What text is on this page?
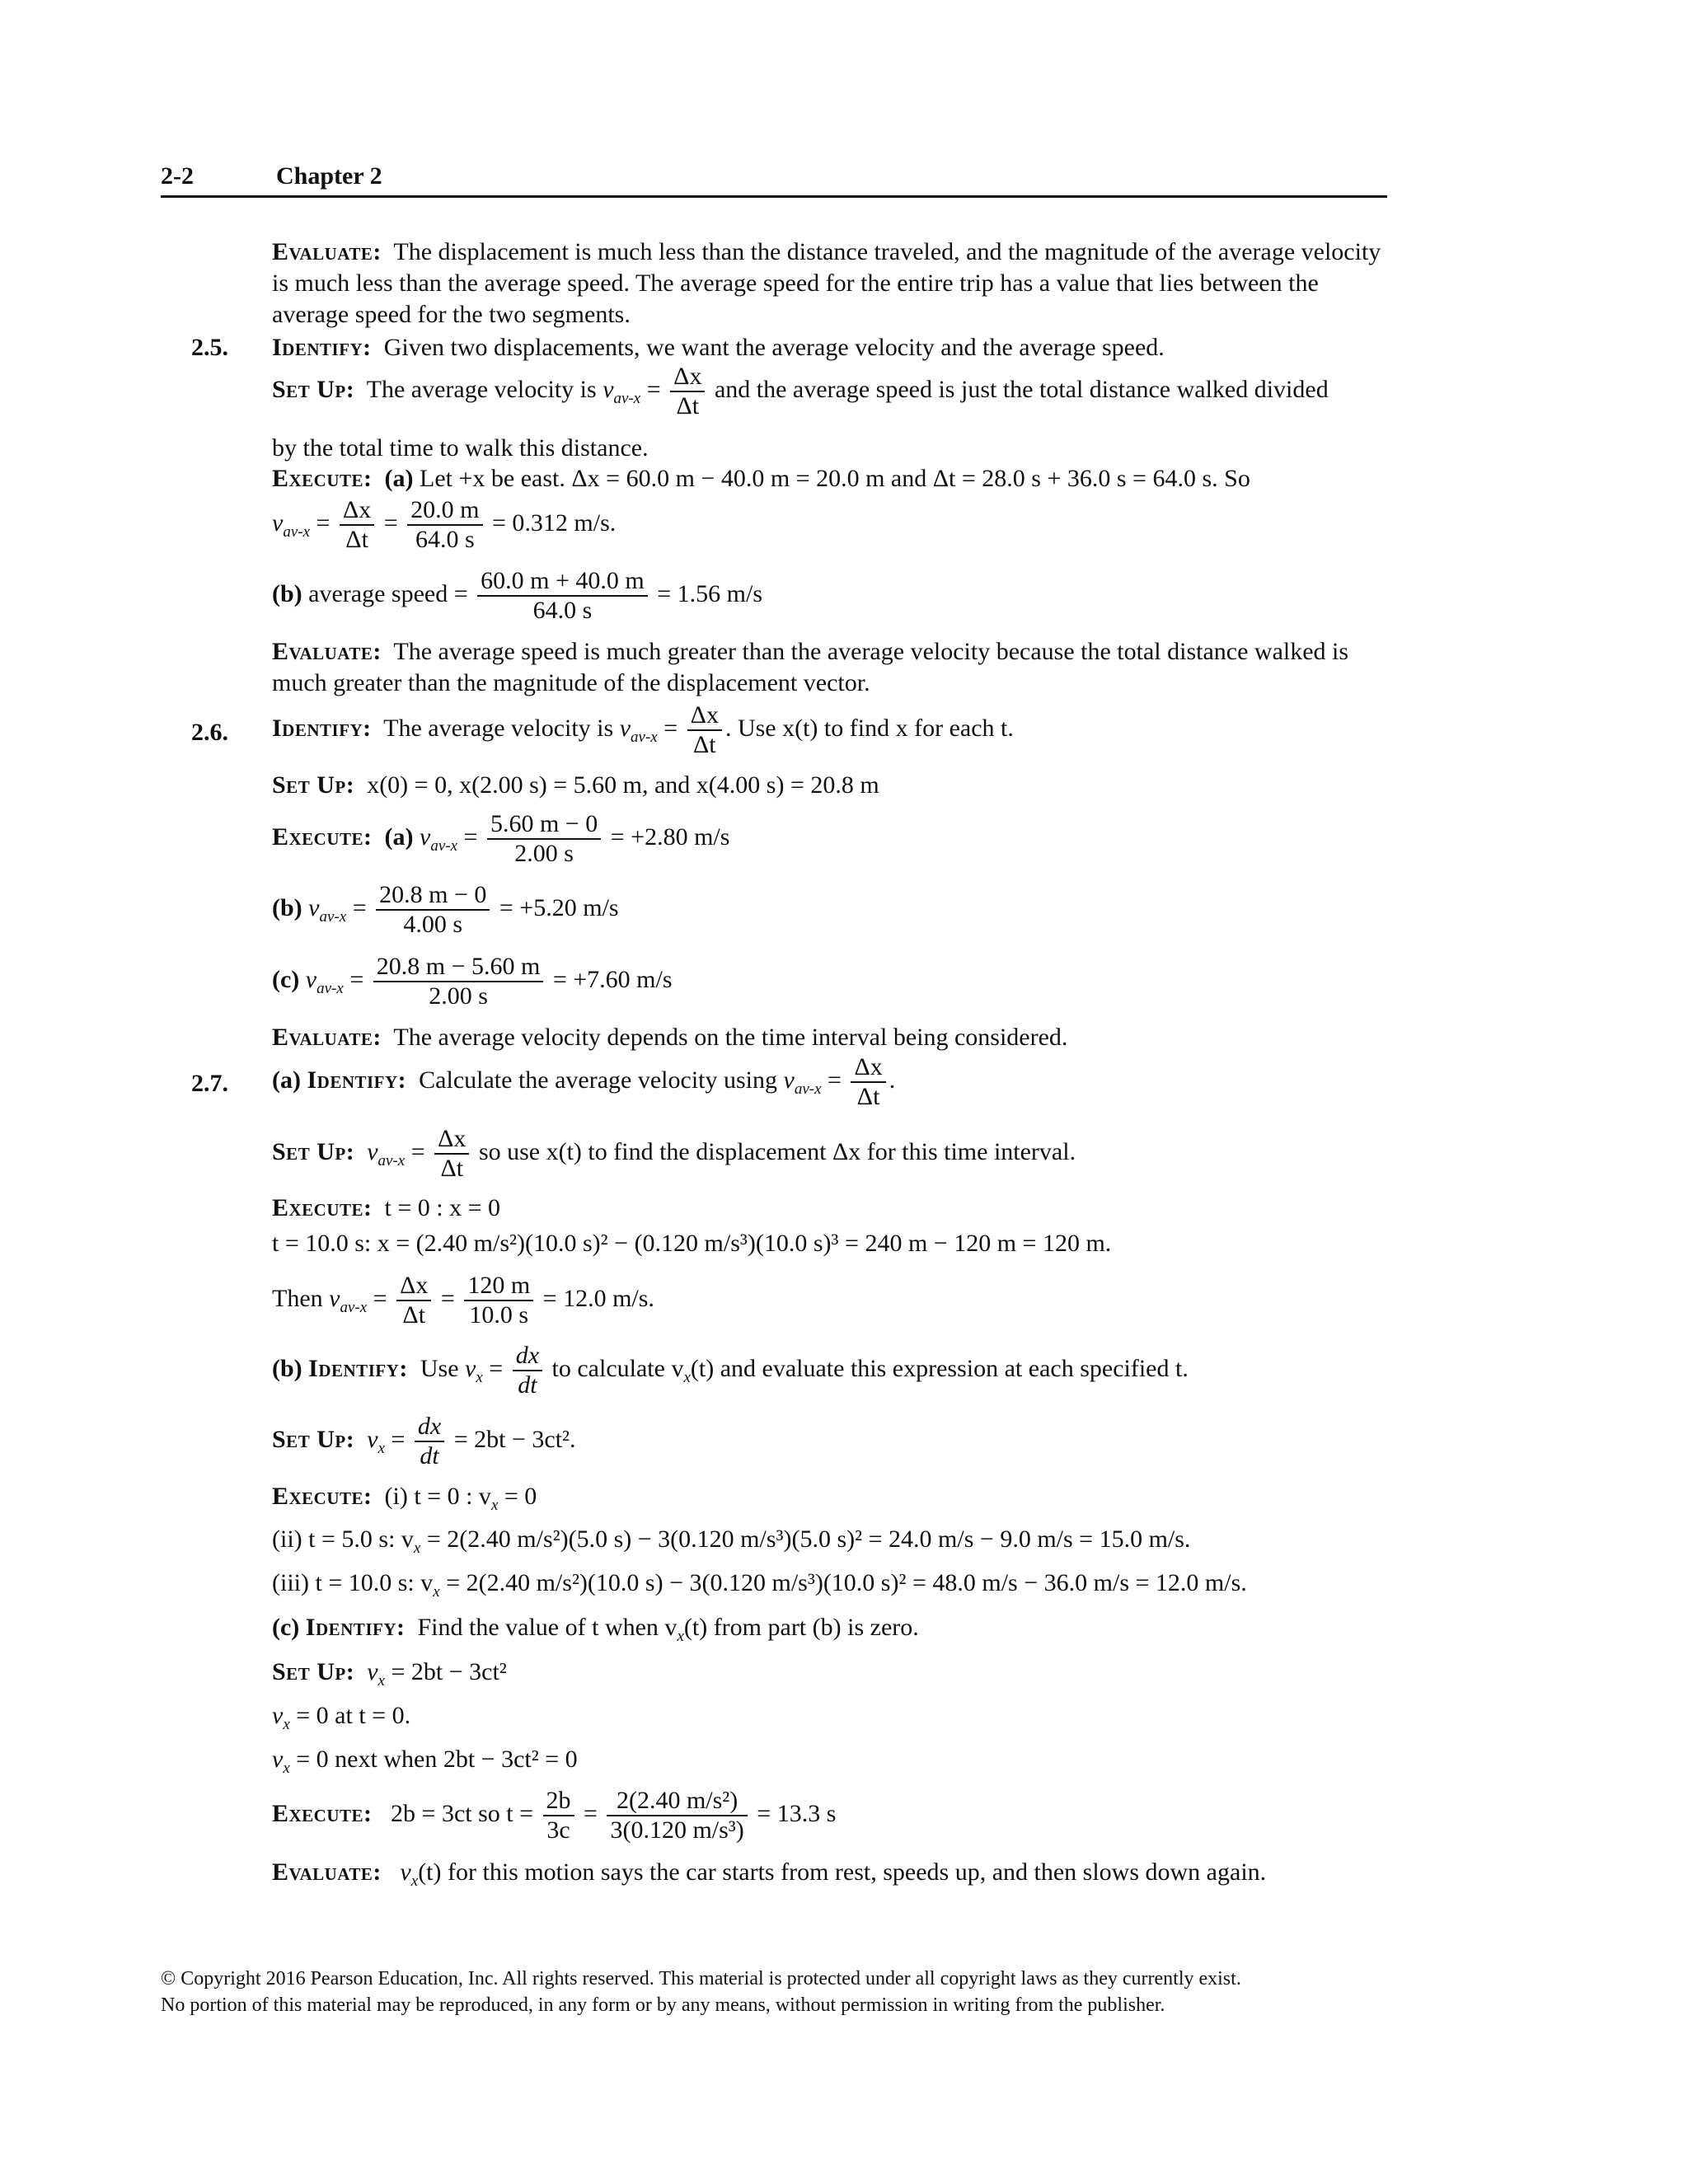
2-2	Chapter 2
Evaluate: The displacement is much less than the distance traveled, and the magnitude of the average velocity is much less than the average speed. The average speed for the entire trip has a value that lies between the average speed for the two segments.
2.5. Identify: Given two displacements, we want the average velocity and the average speed.
Set Up: The average velocity is $v_{av-x} = \frac{\Delta x}{\Delta t}$ and the average speed is just the total distance walked divided
by the total time to walk this distance.
Execute: (a) Let +x be east. Δx = 60.0 m − 40.0 m = 20.0 m and Δt = 28.0 s + 36.0 s = 64.0 s. So
$v_{av-x} = \frac{\Delta x}{\Delta t} = \frac{20.0 m}{64.0 s} = 0.312$ m/s.
(b) average speed = $\frac{60.0 m + 40.0 m}{64.0 s} = 1.56$ m/s
Evaluate: The average speed is much greater than the average velocity because the total distance walked is much greater than the magnitude of the displacement vector.
2.6. Identify: The average velocity is $v_{av-x} = \frac{\Delta x}{\Delta t}$ . Use x(t) to find x for each t.
Set Up: x(0) = 0, x(2.00 s) = 5.60 m, and x(4.00 s) = 20.8 m
Execute: (a) $v_{av-x} = \frac{5.60 m - 0}{2.00 s} = +2.80$ m/s
(b) $v_{av-x} = \frac{20.8 m - 0}{4.00 s} = +5.20$ m/s
(c) $v_{av-x} = \frac{20.8 m - 5.60 m}{2.00 s} = +7.60$ m/s
Evaluate: The average velocity depends on the time interval being considered.
2.7. (a) Identify: Calculate the average velocity using $v_{av-x} = \frac{\Delta x}{\Delta t}$ .
Set Up: $v_{av-x} = \frac{\Delta x}{\Delta t}$ so use x(t) to find the displacement Δx for this time interval.
Execute: t = 0 : x = 0
t = 10.0 s: x = (2.40 m/s²)(10.0 s)² − (0.120 m/s³)(10.0 s)³ = 240 m − 120 m = 120 m.
Then $v_{av-x} = \frac{\Delta x}{\Delta t} = \frac{120 m}{10.0 s} = 12.0$ m/s.
(b) Identify: Use $v_x = \frac{dx}{dt}$ to calculate $v_x(t)$ and evaluate this expression at each specified t.
Set Up: $v_x = \frac{dx}{dt} = 2bt - 3ct^2$.
Execute: (i) t = 0 : $v_x = 0$
(ii) t = 5.0 s: $v_x = 2(2.40$ m/s²)(5.0 s) − 3(0.120 m/s³)(5.0 s)² = 24.0 m/s − 9.0 m/s = 15.0 m/s.
(iii) t = 10.0 s: $v_x = 2(2.40$ m/s²)(10.0 s) − 3(0.120 m/s³)(10.0 s)² = 48.0 m/s − 36.0 m/s = 12.0 m/s.
(c) Identify: Find the value of t when $v_x(t)$ from part (b) is zero.
Set Up: $v_x = 2bt - 3ct^2$
$v_x = 0$ at t = 0.
$v_x = 0$ next when 2bt − 3ct² = 0
Execute: 2b = 3ct so $t = \frac{2b}{3c} = \frac{\text{2(2.40 m/s²)}}{\text{3(0.120 m/s³)}} = 13.3$ s
Evaluate: $v_x(t)$ for this motion says the car starts from rest, speeds up, and then slows down again.
© Copyright 2016 Pearson Education, Inc. All rights reserved. This material is protected under all copyright laws as they currently exist.
No portion of this material may be reproduced, in any form or by any means, without permission in writing from the publisher.
